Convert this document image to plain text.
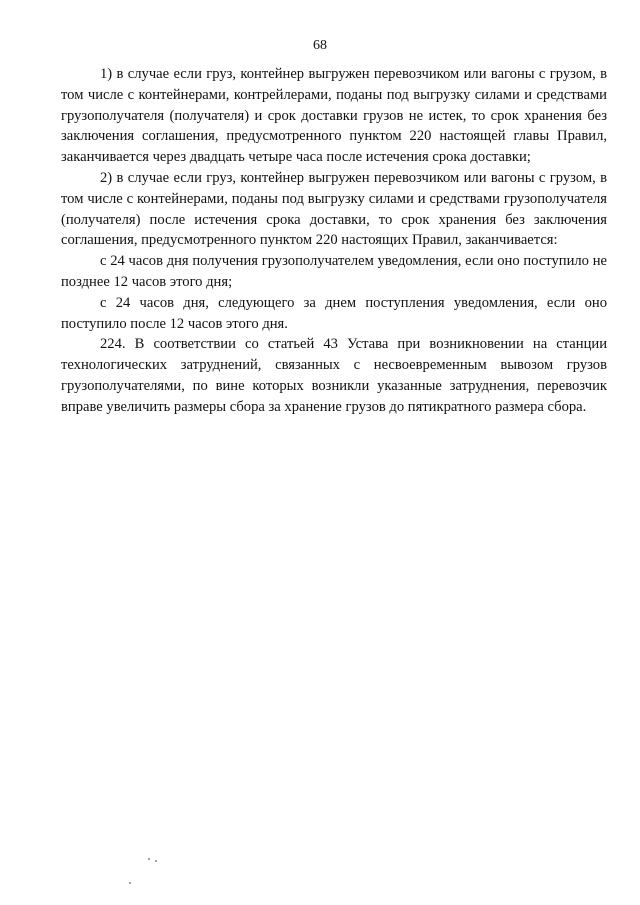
68

1) в случае если груз, контейнер выгружен перевозчиком или вагоны с грузом, в том числе с контейнерами, контрейлерами, поданы под выгрузку силами и средствами грузополучателя (получателя) и срок доставки грузов не истек, то срок хранения без заключения соглашения, предусмотренного пунктом 220 настоящей главы Правил, заканчивается через двадцать четыре часа после истечения срока доставки;

2) в случае если груз, контейнер выгружен перевозчиком или вагоны с грузом, в том числе с контейнерами, поданы под выгрузку силами и средствами грузополучателя (получателя) после истечения срока доставки, то срок хранения без заключения соглашения, предусмотренного пунктом 220 настоящих Правил, заканчивается:

с 24 часов дня получения грузополучателем уведомления, если оно поступило не позднее 12 часов этого дня;

с 24 часов дня, следующего за днем поступления уведомления, если оно поступило после 12 часов этого дня.

224. В соответствии со статьей 43 Устава при возникновении на станции технологических затруднений, связанных с несвоевременным вывозом грузов грузополучателями, по вине которых возникли указанные затруднения, перевозчик вправе увеличить размеры сбора за хранение грузов до пятикратного размера сбора.
